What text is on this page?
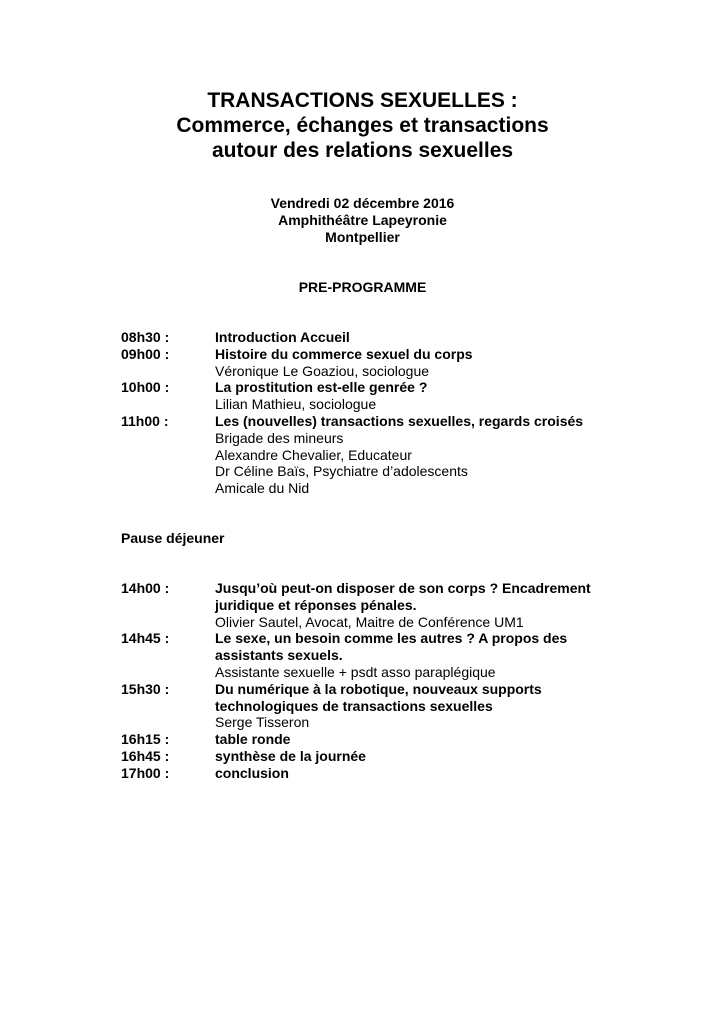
TRANSACTIONS SEXUELLES :
Commerce, échanges et transactions
autour des relations sexuelles
Vendredi 02 décembre 2016
Amphithéâtre Lapeyronie
Montpellier
PRE-PROGRAMME
08h30 :	Introduction Accueil
09h00 :	Histoire du commerce sexuel du corps
Véronique Le Goaziou, sociologue
10h00 :	La prostitution est-elle genrée ?
Lilian Mathieu, sociologue
11h00 :	Les (nouvelles) transactions sexuelles, regards croisés
Brigade des mineurs
Alexandre Chevalier, Educateur
Dr Céline Baïs, Psychiatre d’adolescents
Amicale du Nid
Pause déjeuner
14h00 :	Jusqu’où peut-on disposer de son corps ? Encadrement
juridique et réponses pénales.
Olivier Sautel, Avocat, Maitre de Conférence UM1
14h45 :	Le sexe, un besoin comme les autres ? A propos des
assistants sexuels.
Assistante sexuelle + psdt asso paraplégique
15h30 :	Du numérique à la robotique, nouveaux supports
technologiques de transactions sexuelles
Serge Tisseron
16h15 :	table ronde
16h45 :	synthèse de la journée
17h00 :	conclusion
